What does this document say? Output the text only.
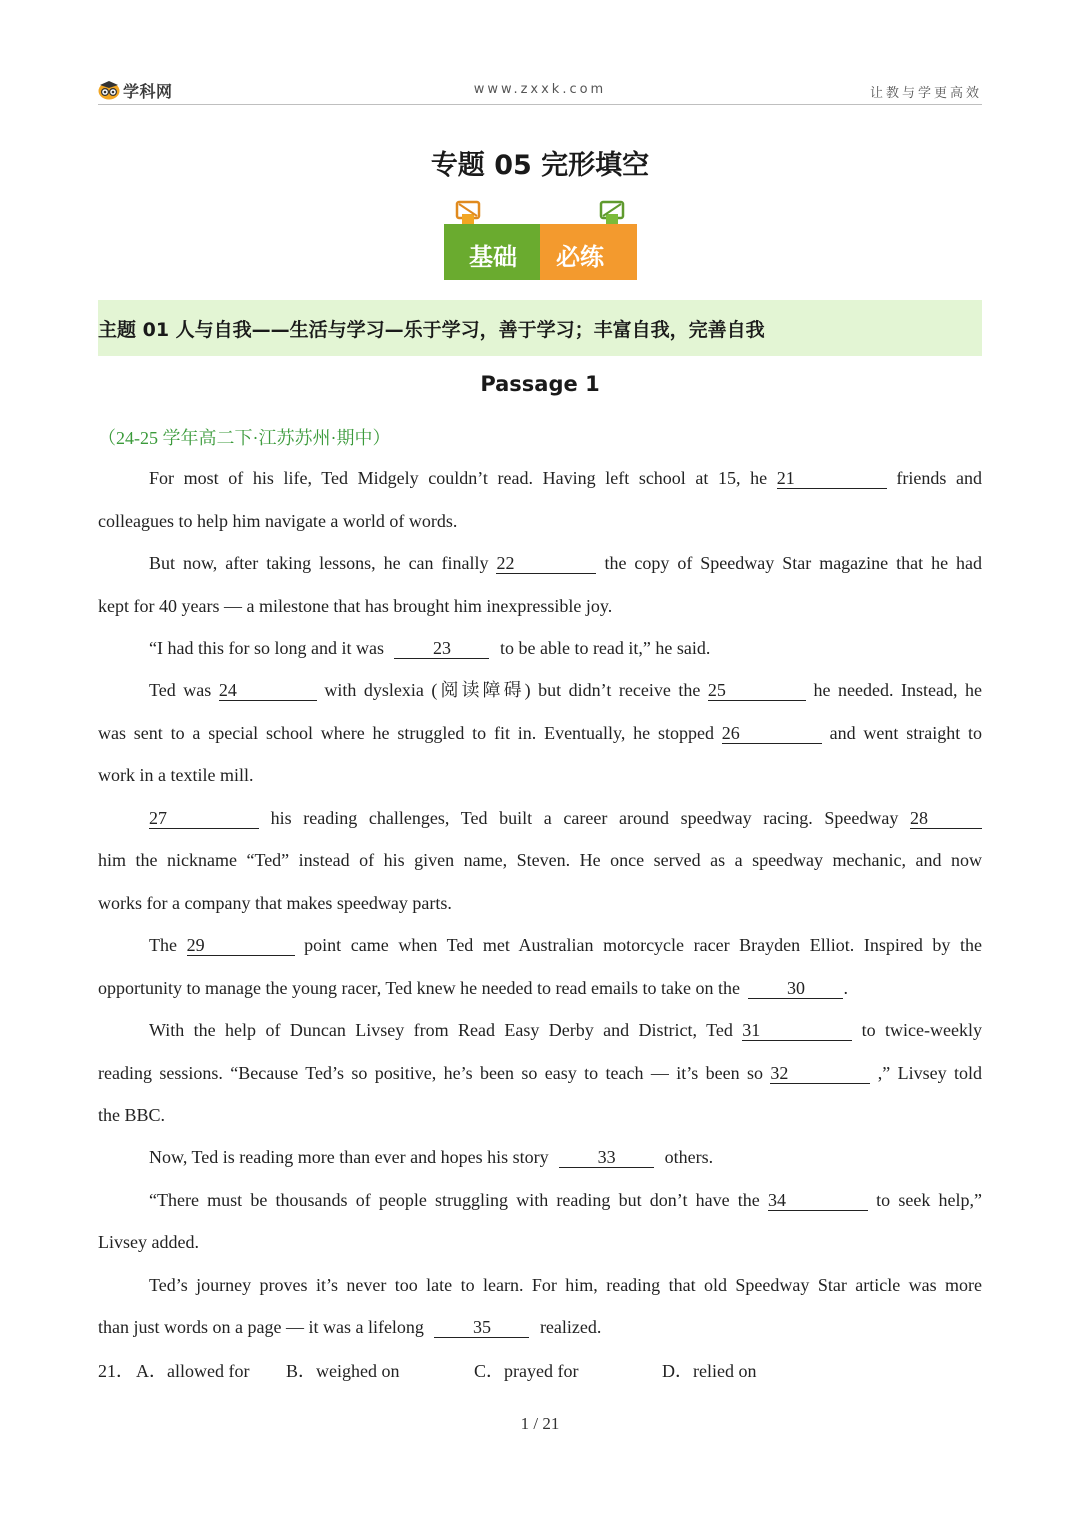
学科网	www.zxxk.com	让教与学更高效
专题 05 完形填空
基础	必练
主题 01 人与自我——生活与学习—乐于学习，善于学习；丰富自我，完善自我
Passage 1
（24-25 学年高二下·江苏苏州·期中）
For most of his life, Ted Midgely couldn’t read. Having left school at 15, he 21	friends and
colleagues to help him navigate a world of words.
But now, after taking lessons, he can finally 22	the copy of Speedway Star magazine that he had
kept for 40 years — a milestone that has brought him inexpressible joy.
“I had this for so long and it was	23	to be able to read it,” he said.
Ted was 24	with dyslexia (阅读障碍) but didn’t receive the 25	he needed. Instead, he
was sent to a special school where he struggled to fit in. Eventually, he stopped 26	and went straight to
work in a textile mill.
27	his reading challenges, Ted built a career around speedway racing. Speedway 28
him the nickname “Ted” instead of his given name, Steven. He once served as a speedway mechanic, and now
works for a company that makes speedway parts.
The 29	point came when Ted met Australian motorcycle racer Brayden Elliot. Inspired by the
opportunity to manage the young racer, Ted knew he needed to read emails to take on the	30 .
With the help of Duncan Livsey from Read Easy Derby and District, Ted 31	to twice-weekly
reading sessions. “Because Ted’s so positive, he’s been so easy to teach — it’s been so 32	,” Livsey told
the BBC.
Now, Ted is reading more than ever and hopes his story	33	others.
“There must be thousands of people struggling with reading but don’t have the 34	to seek help,”
Livsey added.
Ted’s journey proves it’s never too late to learn. For him, reading that old Speedway Star article was more
than just words on a page — it was a lifelong	35	realized.
21． A．allowed for B．weighed on	C．prayed for	D．relied on
1 / 21
